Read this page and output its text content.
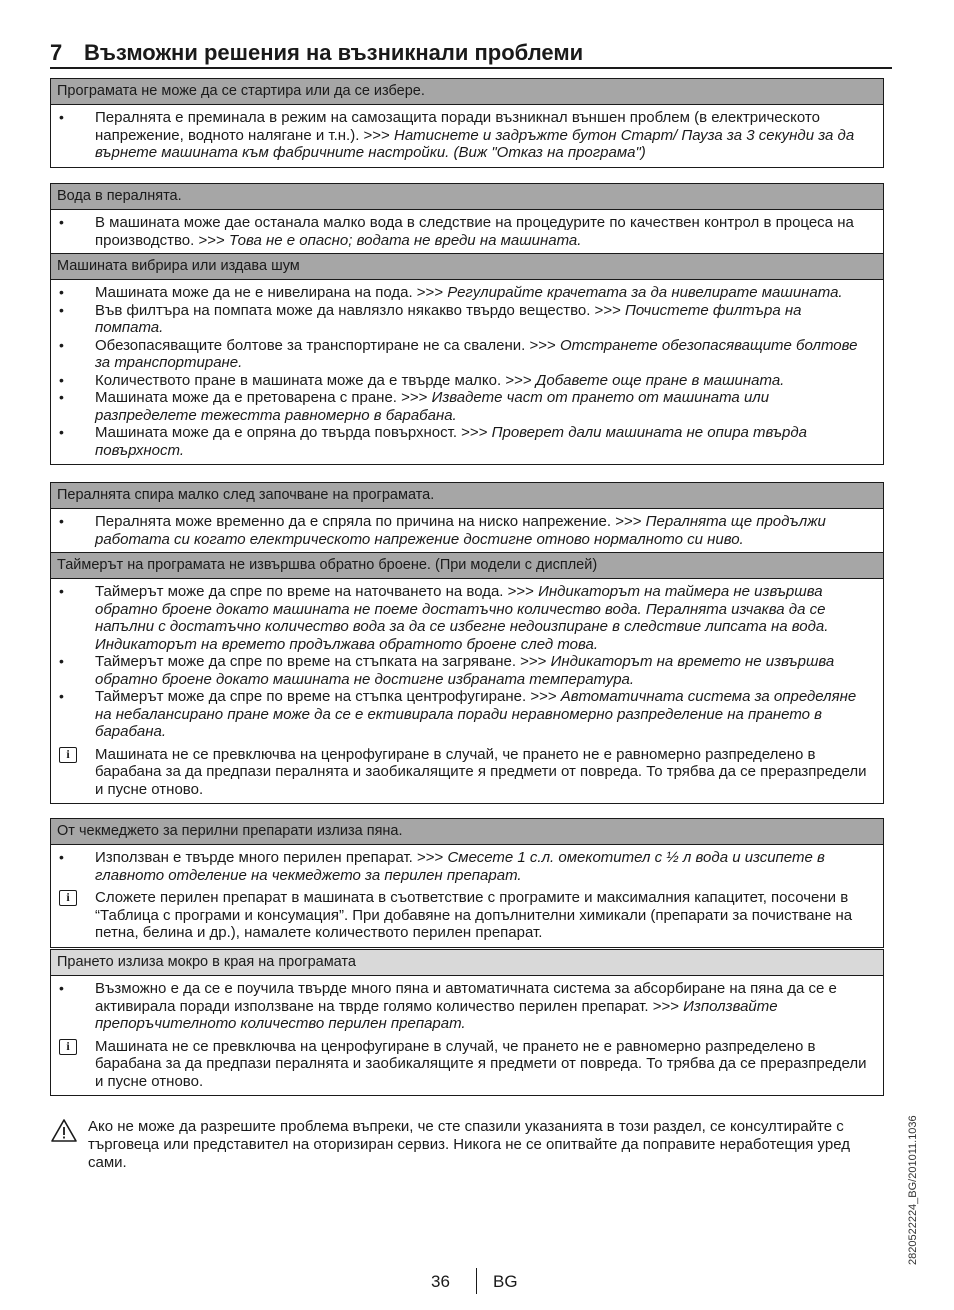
7 Възможни решения на възникнали проблеми
Програмата не може да се стартира или да се избере.
•	Пералнята е преминала в режим на самозащита поради възникнал външен проблем (в електрическото напрежение, водното налягане и т.н.). >>> Натиснете и задръжте бутон Старт/ Пауза за 3 секунди за да върнете машината към фабричните настройки. (Виж "Отказ на програма")
Вода в пералнята.
•	В машината може дае останала малко вода в следствие на процедурите по качествен контрол в процеса на производство. >>> Това не е опасно; водата не вреди на машината.
Машината вибрира или издава шум
•	Машината може да не е нивелирана на пода. >>> Регулирайте крачетата за да нивелирате машината.
•	Във филтъра на помпата може да навлязло някакво твърдо вещество. >>> Почистете филтъра на помпата.
•	Обезопасяващите болтове за транспортиране не са свалени. >>> Отстранете обезопасяващите болтове за транспортиране.
•	Количеството пране в машината може да е твърде малко. >>> Добавете още пране в машината.
•	Машината може да е претоварена с пране. >>> Извадете част от прането от машината или разпределете тежестта равномерно в барабана.
•	Машината може да е опряна до твърда повърхност. >>> Проверет дали машината не опира твърда повърхност.
Пералнята спира малко след започване на програмата.
•	Пералнята може временно да е спряла по причина на ниско напрежение. >>> Пералнята ще продължи работата си когато електрическото напрежение достигне отново нормалното си ниво.
Таймерът на програмата не извършва обратно броене. (При модели с дисплей)
•	Таймерът може да спре по време на наточването на вода. >>> Индикаторът на таймера не извършва обратно броене докато машината не поеме достатъчно количество вода. Пералнята изчаква да се напълни с достатъчно количество вода за да се избегне недоизпиране в следствие липсата на вода. Индикаторът на времето продължава обратното броене след това.
•	Таймерът може да спре по време на стъпката на загряване. >>> Индикаторът на времето не извършва обратно броене докато машината не достигне избраната температура.
•	Таймерът може да спре по време на стъпка центрофугиране. >>> Автоматичната система за определяне на небалансирано пране може да се е ективирала поради неравномерно разпределение на прането в барабана.
i	Машината не се превключва на ценрофугиране в случай, че прането не е равномерно разпределено в барабана за да предпази пералнята и заобикалящите я предмети от повреда. То трябва да се преразпредели и пусне отново.
От чекмеджето за перилни препарати излиза пяна.
•	Използван е твърде много перилен препарат. >>> Смесете 1 с.л. омекотител с ½ л вода и изсипете в главното отделение на чекмеджето за перилен препарат.
i	Сложете перилен препарат в машината в съответствие с програмите и максималния капацитет, посочени в “Таблица с програми и консумация”. При добавяне на допълнителни химикали (препарати за почистване на петна, белина и др.), намалете количеството перилен препарат.
Прането излиза мокро в края на програмата
•	Възможно е да се е поучила твърде много пяна и автоматичната система за абсорбиране на пяна да се е активирала поради използване на твpде голямо количество перилен препарат. >>> Използвайте препоръчителното количество перилен препарат.
i	Машината не се превключва на ценрофугиране в случай, че прането не е равномерно разпределено в барабана за да предпази пералнята и заобикалящите я предмети от повреда. То трябва да се преразпредели и пусне отново.
Ако не може да разрешите проблема въпреки, че сте спазили указанията в този раздел, се консултирайте с търговеца или представител на оторизиран сервиз. Никога не се опитвайте да поправите неработещия уред сами.
36	BG
2820522224_BG/201011.1036
